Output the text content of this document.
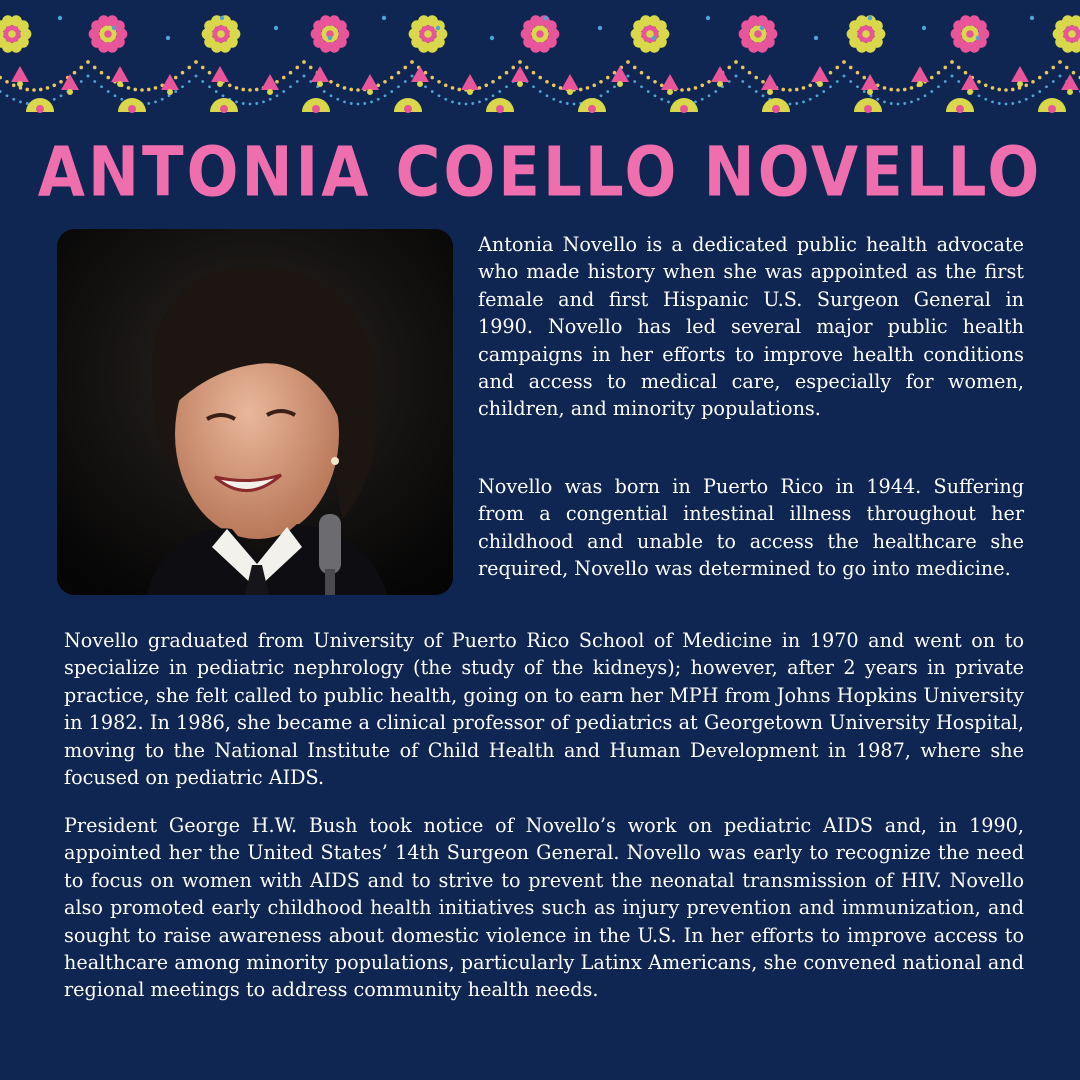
ANTONIA COELLO NOVELLO

Antonia Novello is a dedicated public health advocate who made history when she was appointed as the first female and first Hispanic U.S. Surgeon General in 1990. Novello has led several major public health campaigns in her efforts to improve health conditions and access to medical care, especially for women, children, and minority populations.

Novello was born in Puerto Rico in 1944. Suffering from a congential intestinal illness throughout her childhood and unable to access the healthcare she required, Novello was determined to go into medicine.

Novello graduated from University of Puerto Rico School of Medicine in 1970 and went on to specialize in pediatric nephrology (the study of the kidneys); however, after 2 years in private practice, she felt called to public health, going on to earn her MPH from Johns Hopkins University in 1982. In 1986, she became a clinical professor of pediatrics at Georgetown University Hospital, moving to the National Institute of Child Health and Human Development in 1987, where she focused on pediatric AIDS.

President George H.W. Bush took notice of Novello’s work on pediatric AIDS and, in 1990, appointed her the United States’ 14th Surgeon General. Novello was early to recognize the need to focus on women with AIDS and to strive to prevent the neonatal transmission of HIV. Novello also promoted early childhood health initiatives such as injury prevention and immunization, and sought to raise awareness about domestic violence in the U.S. In her efforts to improve access to healthcare among minority populations, particularly Latinx Americans, she convened national and regional meetings to address community health needs.
